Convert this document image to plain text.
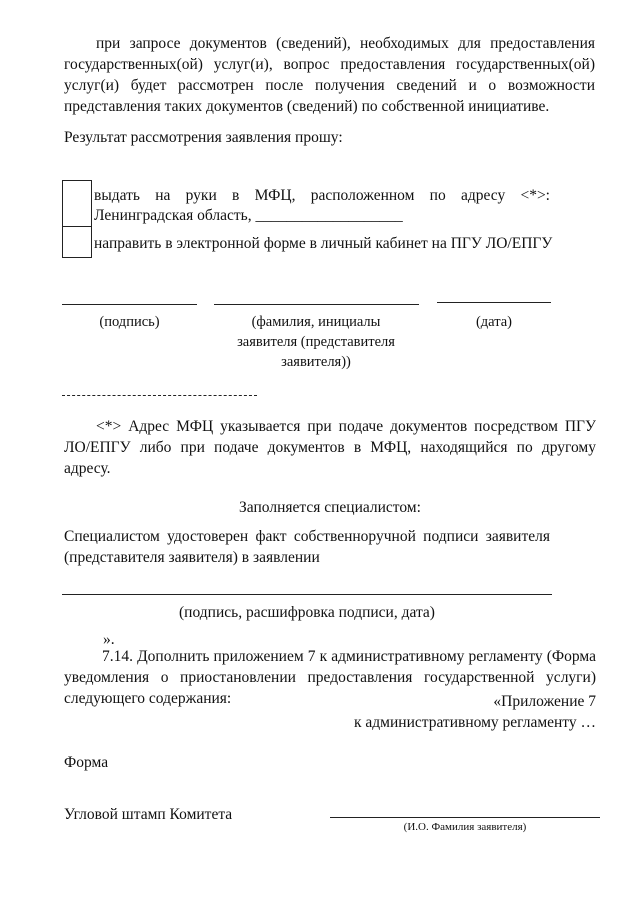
при запросе документов (сведений), необходимых для предоставления государственных(ой) услуг(и), вопрос предоставления государственных(ой) услуг(и) будет рассмотрен после получения сведений и о возможности представления таких документов (сведений) по собственной инициативе.
Результат рассмотрения заявления прошу:
выдать на руки в МФЦ, расположенном по адресу <*>:
Ленинградская область, ___________________
направить в электронной форме в личный кабинет на ПГУ ЛО/ЕПГУ
(подпись)	(фамилия, инициалы заявителя (представителя заявителя))
(дата)
<*> Адрес МФЦ указывается при подаче документов посредством ПГУ ЛО/ЕПГУ либо при подаче документов в МФЦ, находящийся по другому адресу.
Заполняется специалистом:
Специалистом удостоверен факт собственноручной подписи заявителя (представителя заявителя) в заявлении
(подпись, расшифровка подписи, дата)
».
7.14. Дополнить приложением 7 к административному регламенту (Форма уведомления о приостановлении предоставления государственной услуги) следующего содержания:	«Приложение 7
к административному регламенту …
Форма
Угловой штамп Комитета
(И.О. Фамилия заявителя)
